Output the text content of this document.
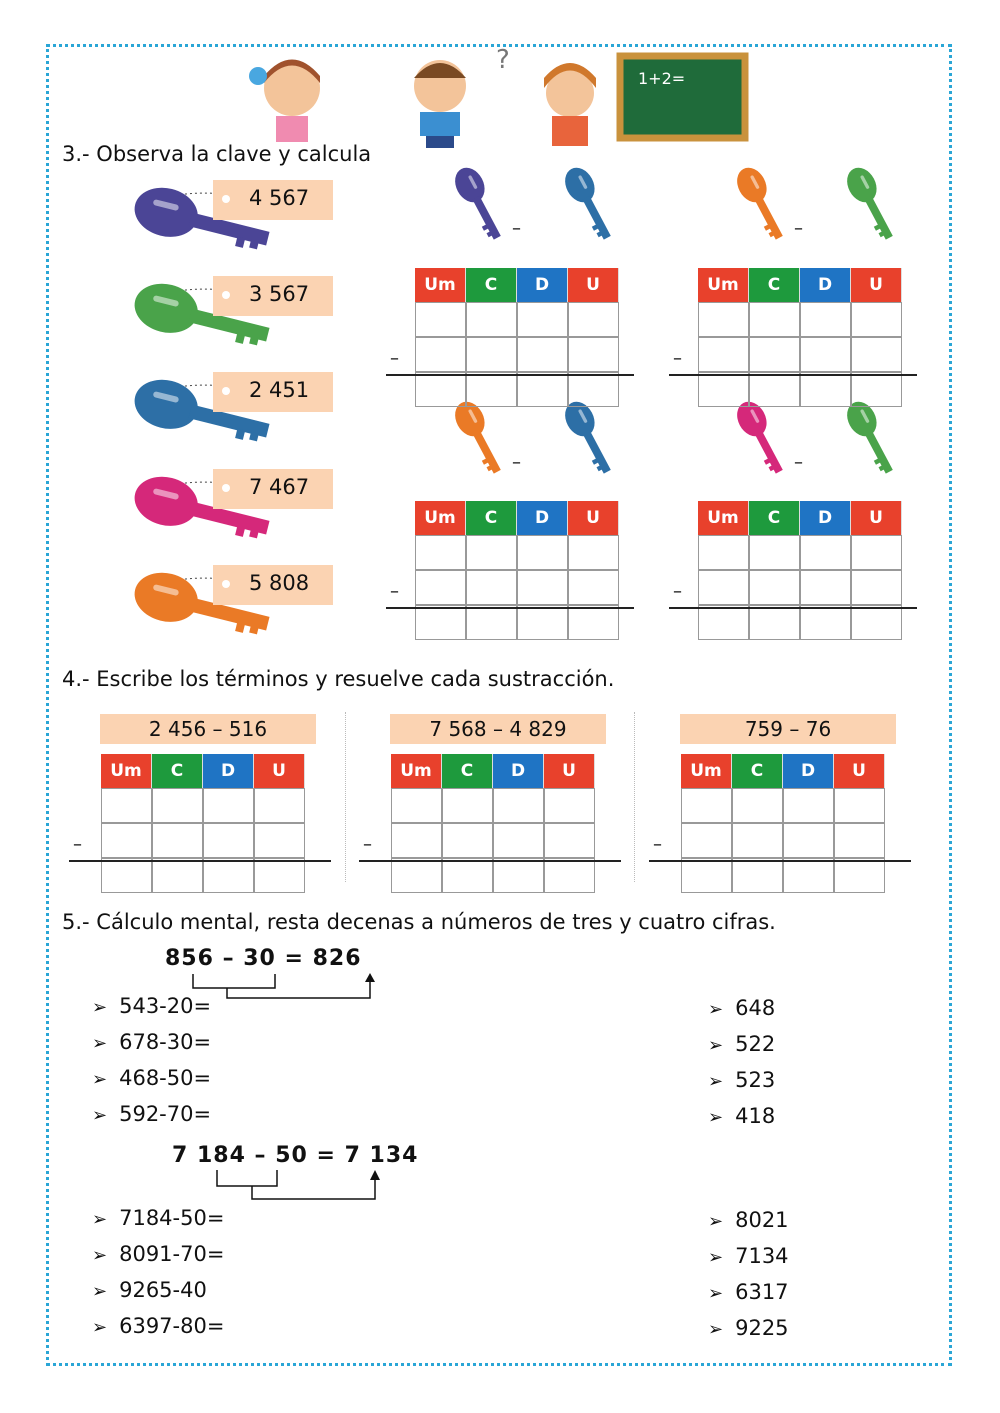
?
1+2=
3.- Observa la clave y calcula
4 567
3 567
2 451
7 467
5 808
–	–
–	–
4.- Escribe los términos y resuelve cada sustracción.
5.- Cálculo mental, resta decenas a números de tres y cuatro cifras.
856 – 30 = 826
➢ 543-20=
➢ 678-30=
➢ 468-50=
➢ 592-70=
➢ 648
➢ 522
➢ 523
➢ 418
7 184 – 50 = 7 134
➢ 7184-50=
➢ 8091-70=
➢ 9265-40
➢ 6397-80=
➢ 8021
➢ 7134
➢ 6317
➢ 9225
Um	C	D	U
–
Um	C	D	U
–
Um	C	D	U
–
Um	C	D	U
–
2 456 – 516
Um	C	D	U
–
7 568 – 4 829
Um	C	D	U
–
759 – 76
Um	C	D	U
–
